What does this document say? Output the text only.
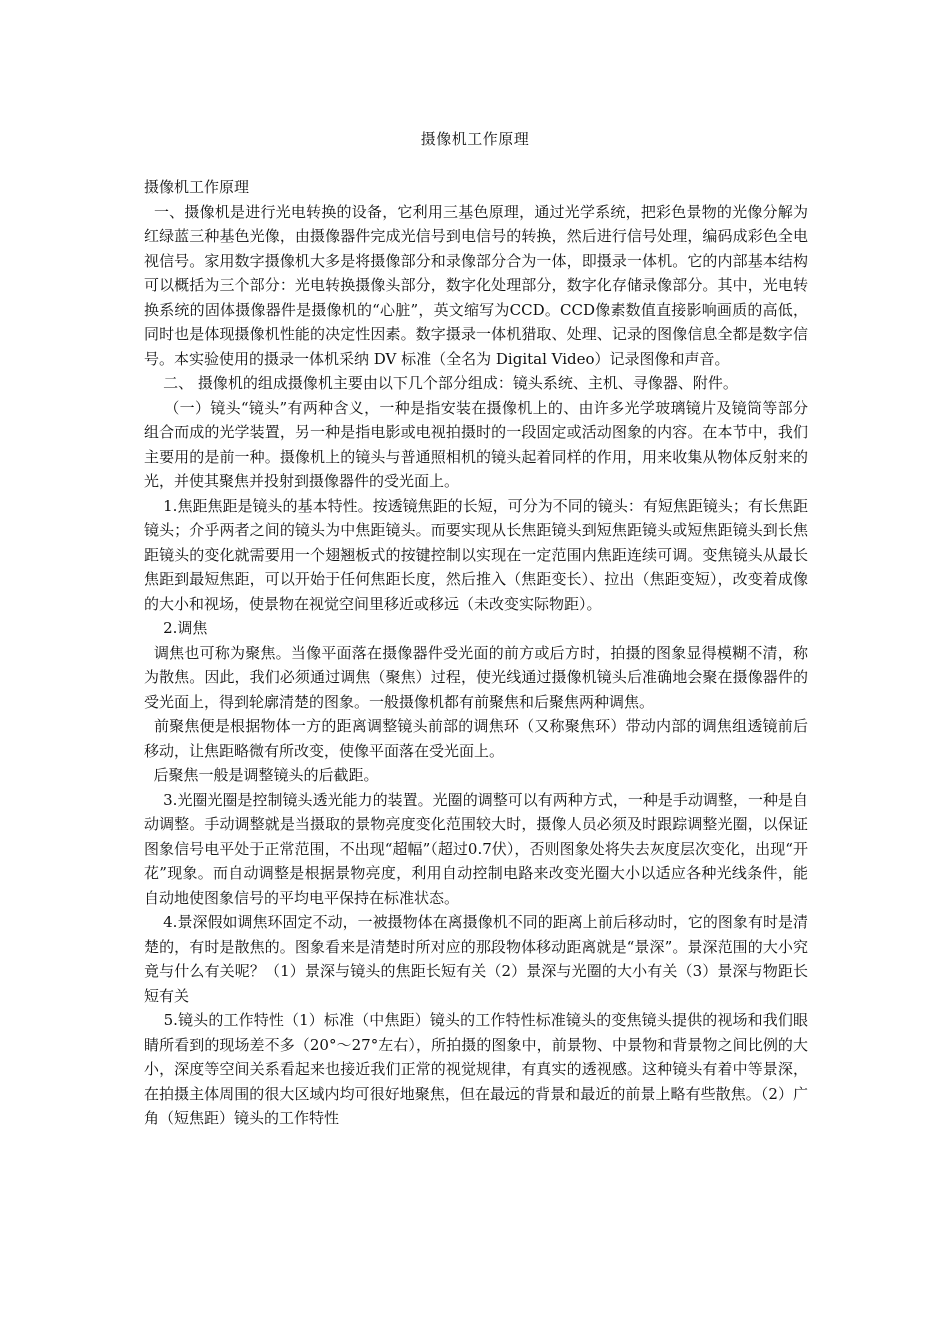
摄像机工作原理

摄像机工作原理

一、摄像机是进行光电转换的设备，它利用三基色原理，通过光学系统，把彩色景物的光像分解为红绿蓝三种基色光像，由摄像器件完成光信号到电信号的转换，然后进行信号处理，编码成彩色全电视信号。家用数字摄像机大多是将摄像部分和录像部分合为一体，即摄录一体机。它的内部基本结构可以概括为三个部分：光电转换摄像头部分，数字化处理部分，数字化存储录像部分。其中，光电转换系统的固体摄像器件是摄像机的“心脏”，英文缩写为CCD。CCD像素数值直接影响画质的高低，同时也是体现摄像机性能的决定性因素。数字摄录一体机猎取、处理、记录的图像信息全都是数字信号。本实验使用的摄录一体机采纳 DV 标准（全名为 Digital Video）记录图像和声音。

二、 摄像机的组成摄像机主要由以下几个部分组成：镜头系统、主机、寻像器、附件。

（一）镜头“镜头”有两种含义，一种是指安装在摄像机上的、由许多光学玻璃镜片及镜筒等部分组合而成的光学装置，另一种是指电影或电视拍摄时的一段固定或活动图象的内容。在本节中，我们主要用的是前一种。摄像机上的镜头与普通照相机的镜头起着同样的作用，用来收集从物体反射来的光，并使其聚焦并投射到摄像器件的受光面上。

1.焦距焦距是镜头的基本特性。按透镜焦距的长短，可分为不同的镜头：有短焦距镜头；有长焦距镜头；介乎两者之间的镜头为中焦距镜头。而要实现从长焦距镜头到短焦距镜头或短焦距镜头到长焦距镜头的变化就需要用一个翅翘板式的按键控制以实现在一定范围内焦距连续可调。变焦镜头从最长焦距到最短焦距，可以开始于任何焦距长度，然后推入（焦距变长）、拉出（焦距变短），改变着成像的大小和视场，使景物在视觉空间里移近或移远（未改变实际物距）。

2.调焦

调焦也可称为聚焦。当像平面落在摄像器件受光面的前方或后方时，拍摄的图象显得模糊不清，称为散焦。因此，我们必须通过调焦（聚焦）过程，使光线通过摄像机镜头后准确地会聚在摄像器件的受光面上，得到轮廓清楚的图象。一般摄像机都有前聚焦和后聚焦两种调焦。

前聚焦便是根据物体一方的距离调整镜头前部的调焦环（又称聚焦环）带动内部的调焦组透镜前后移动，让焦距略微有所改变，使像平面落在受光面上。

后聚焦一般是调整镜头的后截距。

3.光圈光圈是控制镜头透光能力的装置。光圈的调整可以有两种方式，一种是手动调整，一种是自动调整。手动调整就是当摄取的景物亮度变化范围较大时，摄像人员必须及时跟踪调整光圈，以保证图象信号电平处于正常范围，不出现“超幅”（超过0.7伏），否则图象处将失去灰度层次变化，出现“开花”现象。而自动调整是根据景物亮度，利用自动控制电路来改变光圈大小以适应各种光线条件，能自动地使图象信号的平均电平保持在标准状态。

4.景深假如调焦环固定不动，一被摄物体在离摄像机不同的距离上前后移动时，它的图象有时是清楚的，有时是散焦的。图象看来是清楚时所对应的那段物体移动距离就是“景深”。景深范围的大小究竟与什么有关呢？（1）景深与镜头的焦距长短有关（2）景深与光圈的大小有关（3）景深与物距长短有关

5.镜头的工作特性（1）标准（中焦距）镜头的工作特性标准镜头的变焦镜头提供的视场和我们眼睛所看到的现场差不多（20°～27°左右），所拍摄的图象中，前景物、中景物和背景物之间比例的大小，深度等空间关系看起来也接近我们正常的视觉规律，有真实的透视感。这种镜头有着中等景深，在拍摄主体周围的很大区域内均可很好地聚焦，但在最远的背景和最近的前景上略有些散焦。（2）广角（短焦距）镜头的工作特性
